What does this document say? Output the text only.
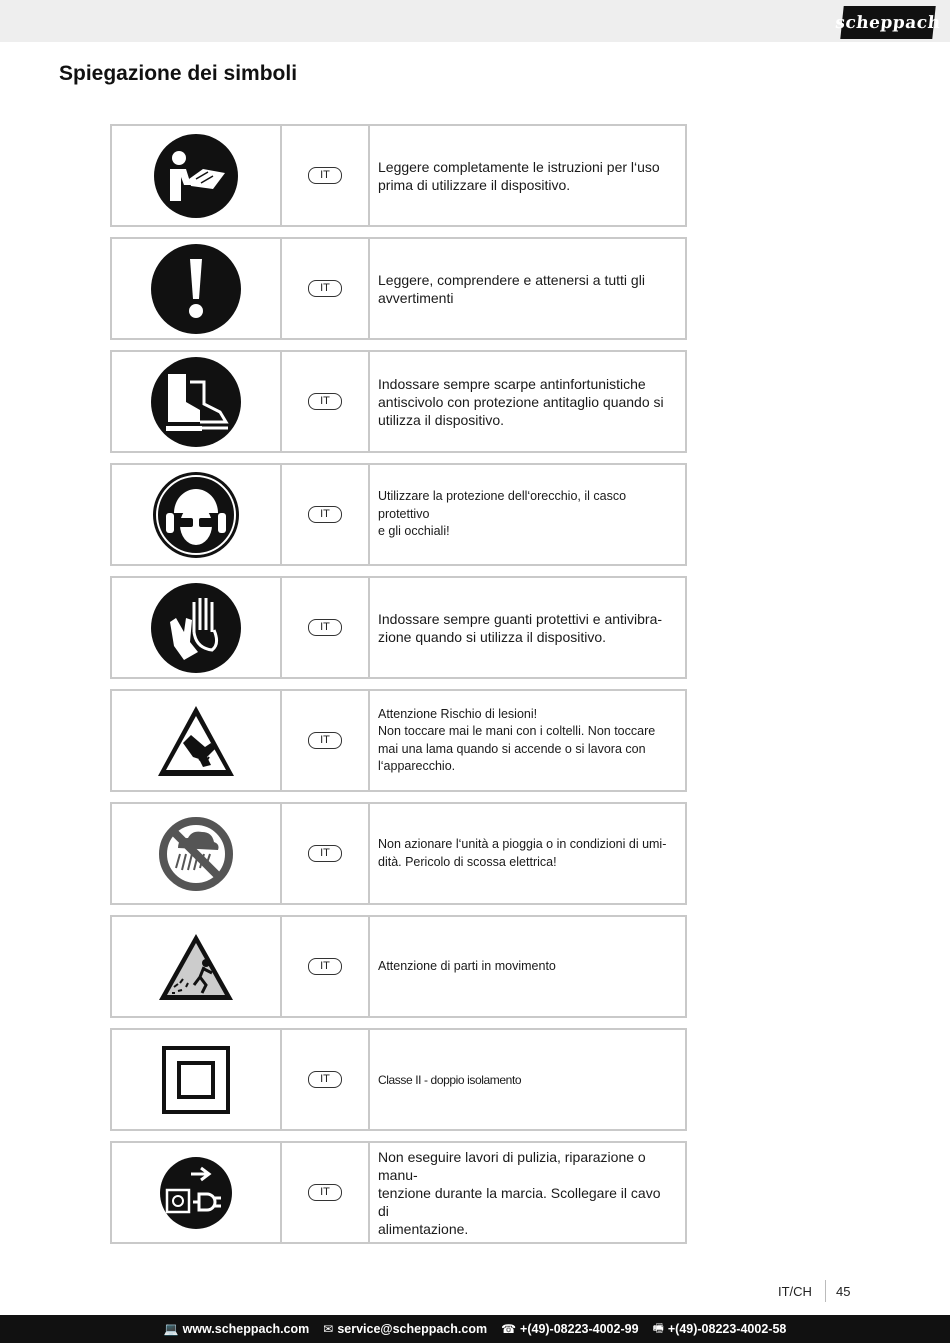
scheppach
Spiegazione dei simboli
IT
Leggere completamente le istruzioni per l‘uso
prima di utilizzare il dispositivo.
IT
Leggere, comprendere e attenersi a tutti gli
avvertimenti
IT
Indossare sempre scarpe antinfortunistiche
antiscivolo con protezione antitaglio quando si
utilizza il dispositivo.
IT
Utilizzare la protezione dell‘orecchio, il casco protettivo
e gli occhiali!
IT
Indossare sempre guanti protettivi e antivibra-
zione quando si utilizza il dispositivo.
IT
Attenzione Rischio di lesioni!
Non toccare mai le mani con i coltelli. Non toccare
mai una lama quando si accende o si lavora con
l‘apparecchio.
IT
Non azionare l‘unità a pioggia o in condizioni di umi-
dità. Pericolo di scossa elettrica!
IT	Attenzione di parti in movimento
IT	Classe II - doppio isolamento
IT
Non eseguire lavori di pulizia, riparazione o manu-
tenzione durante la marcia. Scollegare il cavo di
alimentazione.
IT/CH 45
💻 www.scheppach.com ✉ service@scheppach.com ☎ +(49)-08223-4002-99 🖷 +(49)-08223-4002-58
